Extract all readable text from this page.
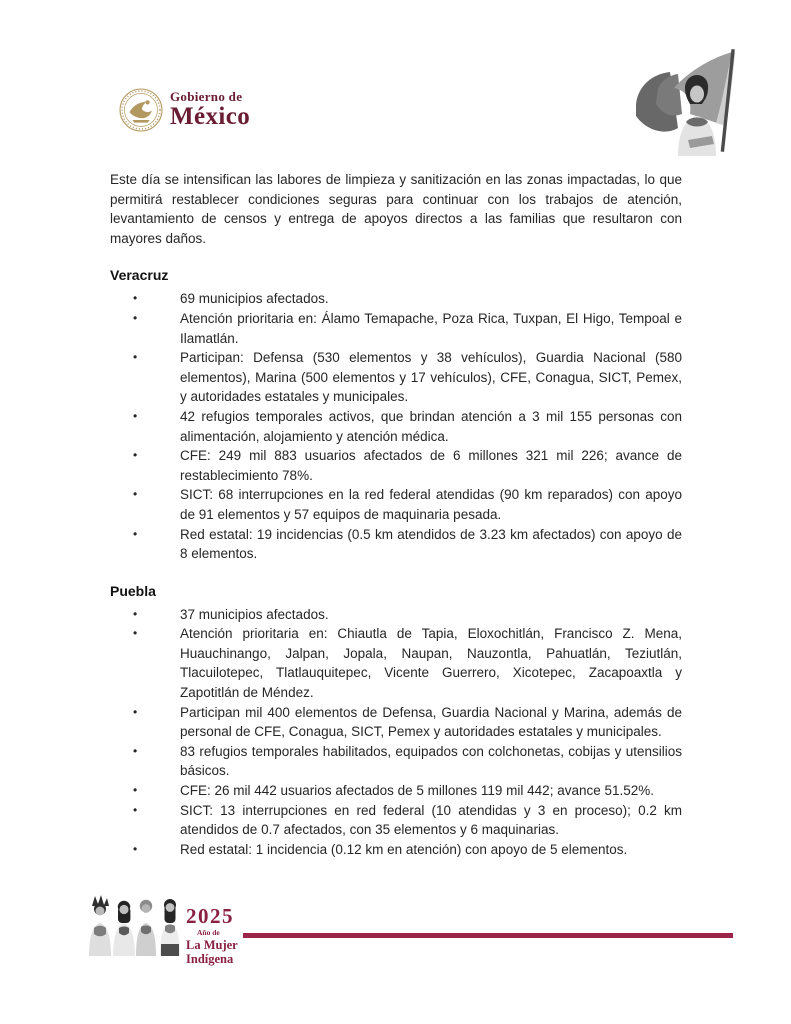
Gobierno de
México

Este día se intensifican las labores de limpieza y sanitización en las zonas impactadas, lo que permitirá restablecer condiciones seguras para continuar con los trabajos de atención, levantamiento de censos y entrega de apoyos directos a las familias que resultaron con mayores daños.

Veracruz
•	69 municipios afectados.
•	Atención prioritaria en: Álamo Temapache, Poza Rica, Tuxpan, El Higo, Tempoal e Ilamatlán.
•	Participan: Defensa (530 elementos y 38 vehículos), Guardia Nacional (580 elementos), Marina (500 elementos y 17 vehículos), CFE, Conagua, SICT, Pemex, y autoridades estatales y municipales.
•	42 refugios temporales activos, que brindan atención a 3 mil 155 personas con alimentación, alojamiento y atención médica.
•	CFE: 249 mil 883 usuarios afectados de 6 millones 321 mil 226; avance de restablecimiento 78%.
•	SICT: 68 interrupciones en la red federal atendidas (90 km reparados) con apoyo de 91 elementos y 57 equipos de maquinaria pesada.
•	Red estatal: 19 incidencias (0.5 km atendidos de 3.23 km afectados) con apoyo de 8 elementos.
Puebla
•	37 municipios afectados.
•	Atención prioritaria en: Chiautla de Tapia, Eloxochitlán, Francisco Z. Mena, Huauchinango, Jalpan, Jopala, Naupan, Nauzontla, Pahuatlán, Teziutlán, Tlacuilotepec, Tlatlauquitepec, Vicente Guerrero, Xicotepec, Zacapoaxtla y Zapotitlán de Méndez.
•	Participan mil 400 elementos de Defensa, Guardia Nacional y Marina, además de personal de CFE, Conagua, SICT, Pemex y autoridades estatales y municipales.
•	83 refugios temporales habilitados, equipados con colchonetas, cobijas y utensilios básicos.
•	CFE: 26 mil 442 usuarios afectados de 5 millones 119 mil 442; avance 51.52%.
•	SICT: 13 interrupciones en red federal (10 atendidas y 3 en proceso); 0.2 km atendidos de 0.7 afectados, con 35 elementos y 6 maquinarias.
•	Red estatal: 1 incidencia (0.12 km en atención) con apoyo de 5 elementos.
2025
Año de
La Mujer
Indígena
